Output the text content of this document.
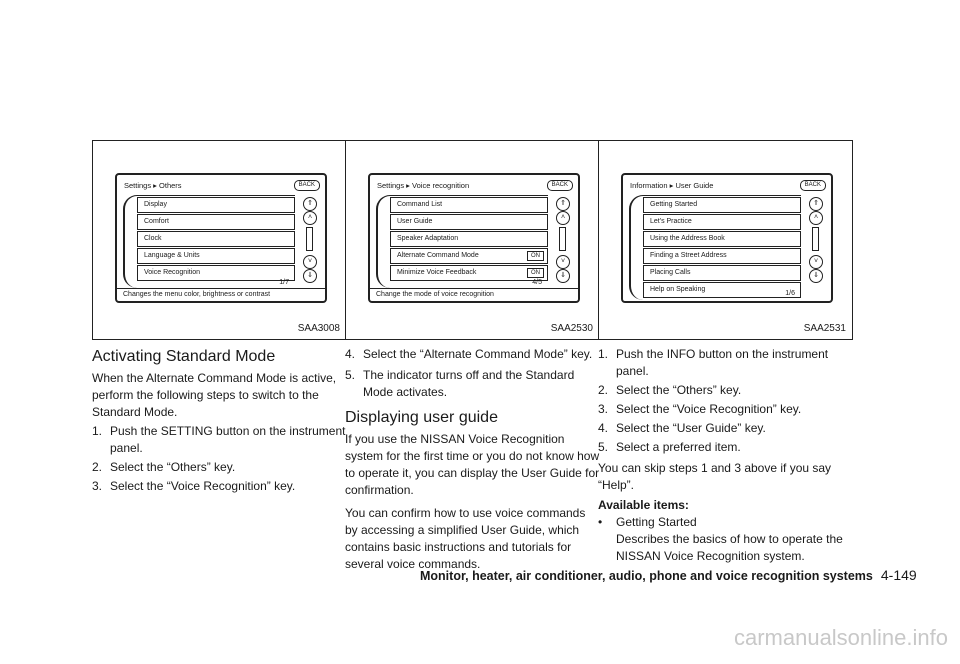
Settings ▸ Others	BACK
Display
Comfort
Clock
Language & Units
Voice Recognition
⇑
˄
˅
⇓
1/7
Changes the menu color, brightness or contrast
SAA3008
Activating Standard Mode

When the Alternate Command Mode is active, perform the following steps to switch to the Standard Mode.

1. Push the SETTING button on the instrument panel.
2. Select the “Others” key.
3. Select the “Voice Recognition” key.
Settings ▸ Voice recognition	BACK
Command List
User Guide
Speaker Adaptation
Alternate Command Mode	ON
Minimize Voice Feedback	ON
⇑
˄
˅
⇓
4/5
Change the mode of voice recognition
SAA2530
4. Select the “Alternate Command Mode” key.
5. The indicator turns off and the Standard Mode activates.
Displaying user guide

If you use the NISSAN Voice Recognition system for the first time or you do not know how to operate it, you can display the User Guide for confirmation.

You can confirm how to use voice commands by accessing a simplified User Guide, which contains basic instructions and tutorials for several voice commands.

Information ▸ User Guide	BACK
Getting Started
Let's Practice
Using the Address Book
Finding a Street Address
Placing Calls
Help on Speaking
⇑
˄
˅
⇓
1/6
SAA2531
1. Push the INFO button on the instrument panel.
2. Select the “Others” key.
3. Select the “Voice Recognition” key.
4. Select the “User Guide” key.
5. Select a preferred item.

You can skip steps 1 and 3 above if you say “Help”.

Available items:
• Getting Started

Describes the basics of how to operate the NISSAN Voice Recognition system.

Monitor, heater, air conditioner, audio, phone and voice recognition systems 4-149
carmanualsonline.info
